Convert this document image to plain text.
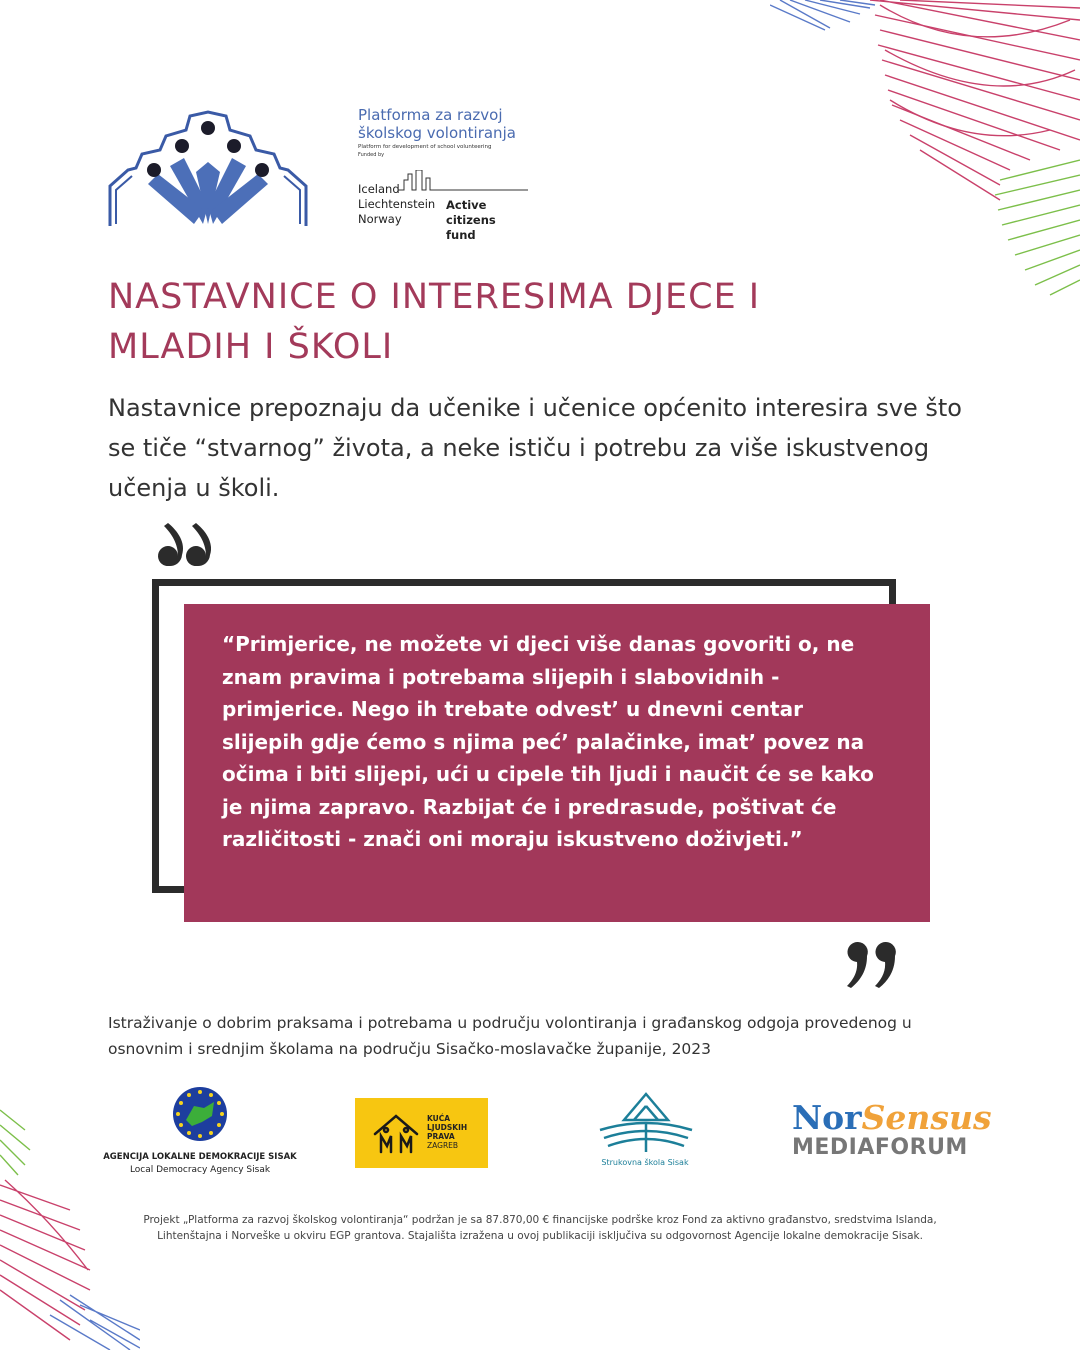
Platforma za razvoj
školskog volontiranja
Platform for development of school volunteering
Funded by
Iceland
Liechtenstein
Norway
Active
citizens fund
NASTAVNICE O INTERESIMA DJECE I
MLADIH I ŠKOLI
Nastavnice prepoznaju da učenike i učenice općenito interesira sve što se tiče “stvarnog” života, a neke ističu i potrebu za više iskustvenog učenja u školi.
“Primjerice, ne možete vi djeci više danas govoriti o, ne znam pravima i potrebama slijepih i slabovidnih - primjerice. Nego ih trebate odvest’ u dnevni centar slijepih gdje ćemo s njima peć’ palačinke, imat’ povez na očima i biti slijepi, ući u cipele tih ljudi i naučit će se kako je njima zapravo. Razbijat će i predrasude, poštivat će različitosti - znači oni moraju iskustveno doživjeti.”
Istraživanje o dobrim praksama i potrebama u području volontiranja i građanskog odgoja provedenog u osnovnim i srednjim školama na području Sisačko-moslavačke županije, 2023
AGENCIJA LOKALNE DEMOKRACIJE SISAK
Local Democracy Agency Sisak
KUĆA
LJUDSKIH
PRAVA
ZAGREB
Strukovna škola Sisak
NorSensus
MEDIAFORUM
Projekt „Platforma za razvoj školskog volontiranja“ podržan je sa 87.870,00 € financijske podrške kroz Fond za aktivno građanstvo, sredstvima Islanda, Lihtenštajna i Norveške u okviru EGP grantova. Stajališta izražena u ovoj publikaciji isključiva su odgovornost Agencije lokalne demokracije Sisak.
